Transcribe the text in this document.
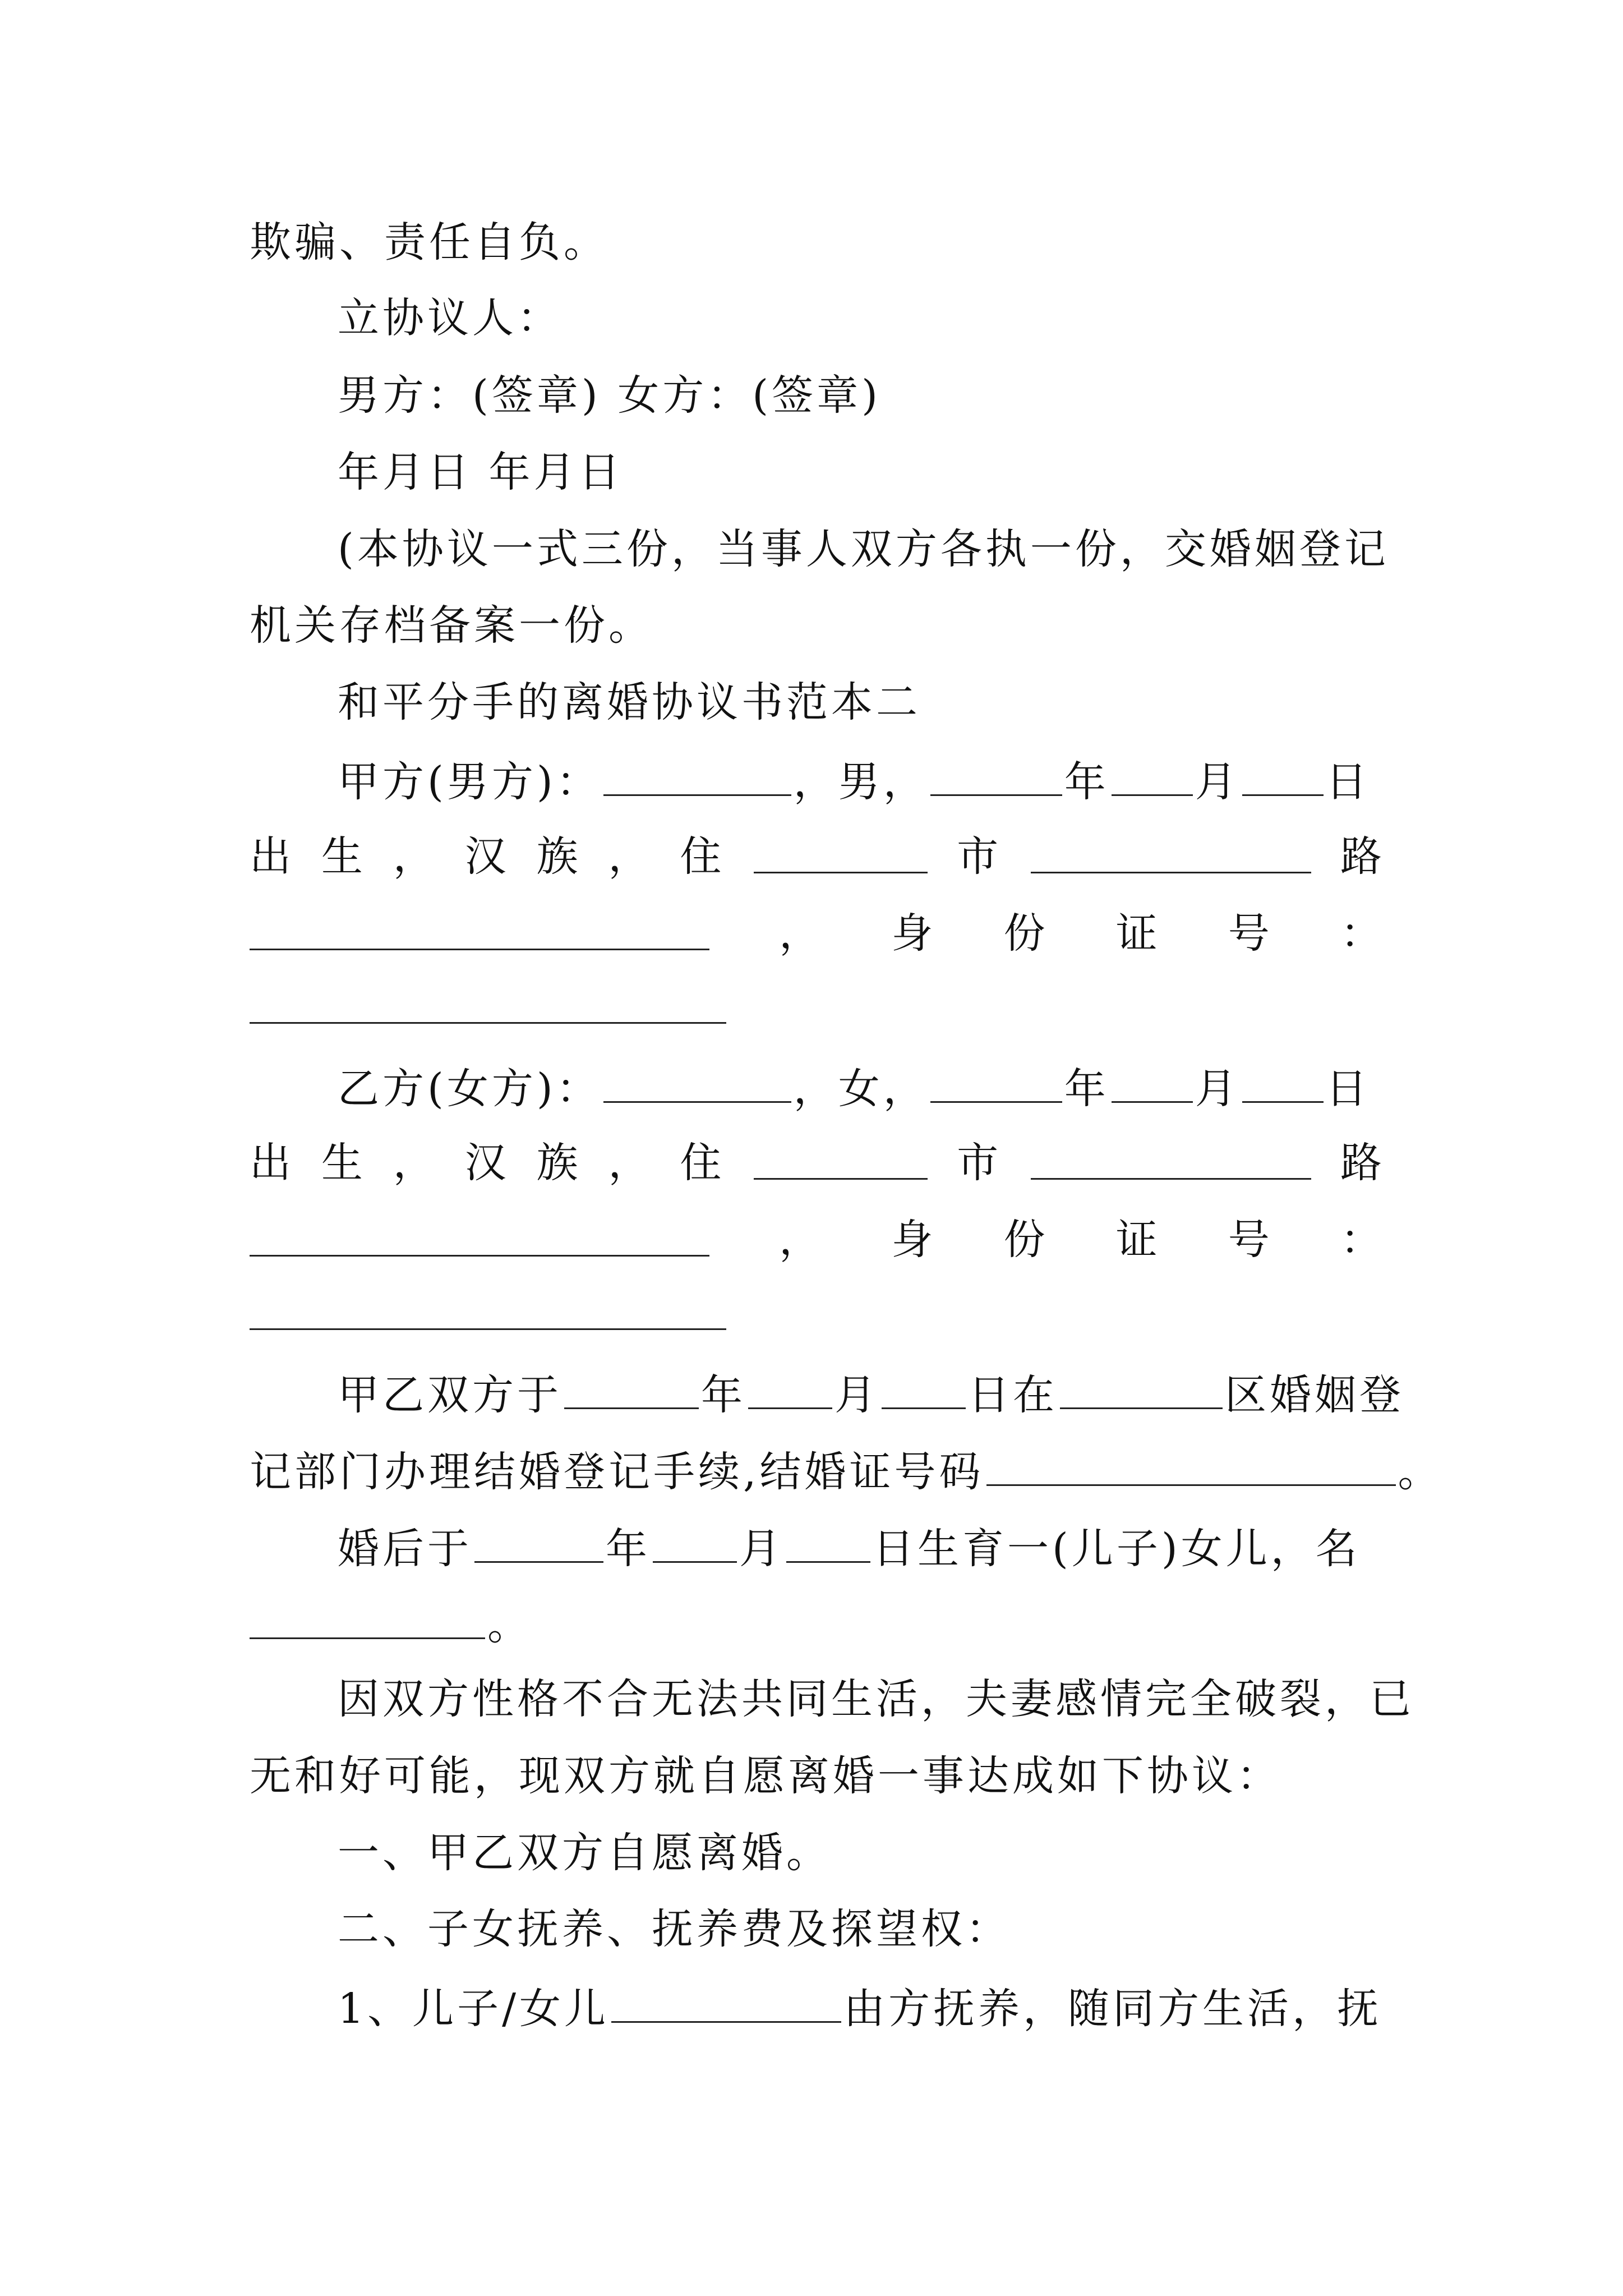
欺骗、责任自负。
立协议人：
男方：(签章) 女方：(签章)
年月日 年月日
(本协议一式三份，当事人双方各执一份，交婚姻登记
机关存档备案一份。
和平分手的离婚协议书范本二
甲方(男方)：	，男，	年 月 日
出 生 ， 汉 族 ， 住	市	路
， 身 份 证 号 ：
乙方(女方)：	，女，	年 月 日
出 生 ， 汉 族 ， 住	市	路
， 身 份 证 号 ：
甲乙双方于	年 月 日在	区婚姻登
记部门办理结婚登记手续,结婚证号码	。
婚后于	年 月 日生育一(儿子)女儿，名
。
因双方性格不合无法共同生活，夫妻感情完全破裂，已
无和好可能，现双方就自愿离婚一事达成如下协议：
一、甲乙双方自愿离婚。
二、子女抚养、抚养费及探望权：
1、儿子/女儿	由方抚养，随同方生活，抚
